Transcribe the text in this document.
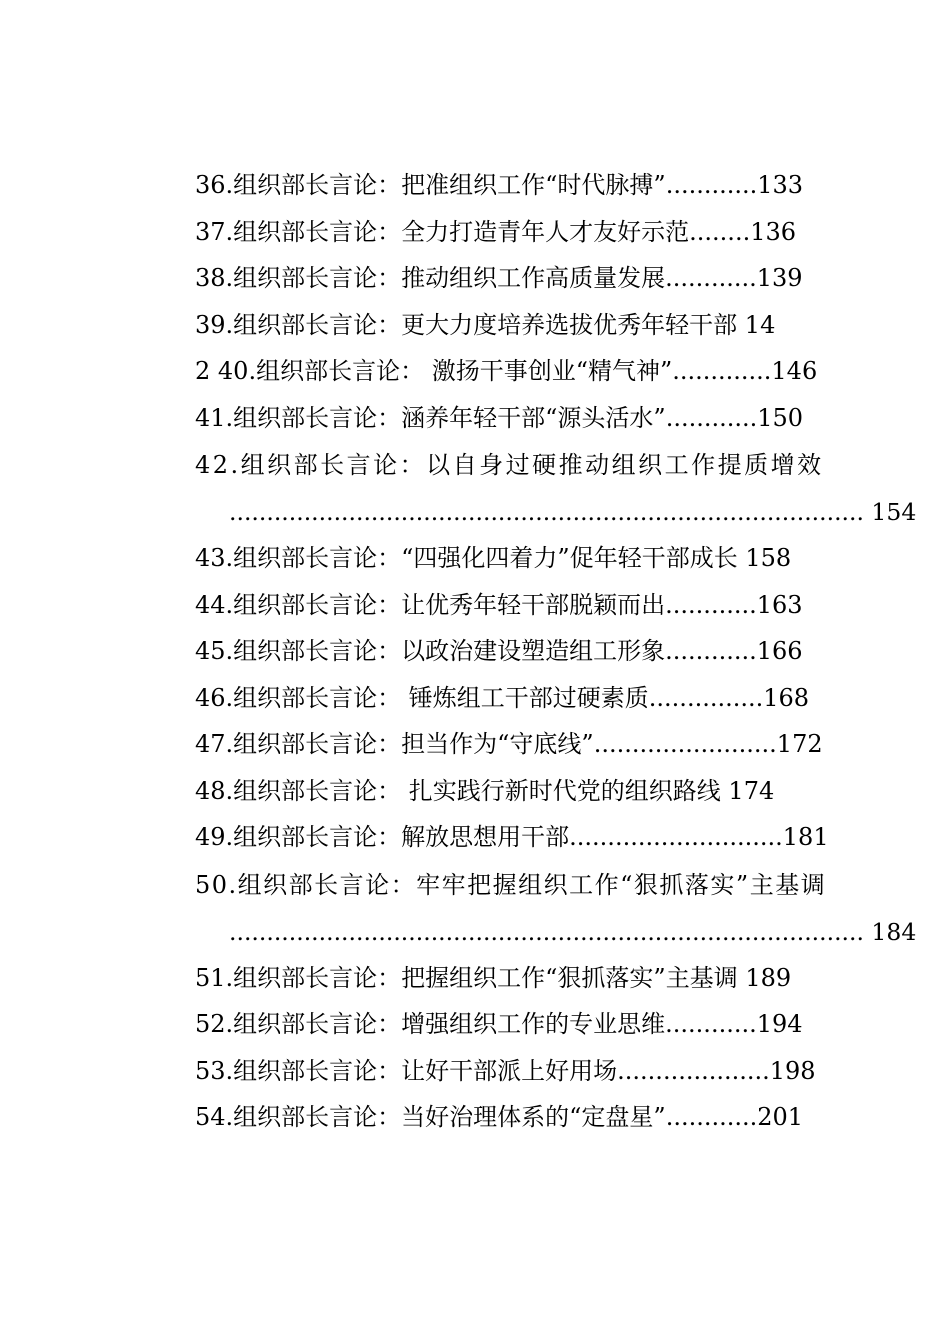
36.组织部长言论：把准组织工作“时代脉搏”............133
37.组织部长言论：全力打造青年人才友好示范........136
38.组织部长言论：推动组织工作高质量发展............139
39.组织部长言论：更大力度培养选拔优秀年轻干部 14
2 40.组织部长言论： 激扬干事创业“精气神”.............146
41.组织部长言论：涵养年轻干部“源头活水”............150
42.组织部长言论：以自身过硬推动组织工作提质增效
..................................................................................... 154
43.组织部长言论：“四强化四着力”促年轻干部成长 158
44.组织部长言论：让优秀年轻干部脱颖而出............163
45.组织部长言论：以政治建设塑造组工形象............166
46.组织部长言论： 锤炼组工干部过硬素质...............168
47.组织部长言论：担当作为“守底线”........................172
48.组织部长言论： 扎实践行新时代党的组织路线 174
49.组织部长言论：解放思想用干部............................181
50.组织部长言论：牢牢把握组织工作“狠抓落实”主基调
..................................................................................... 184
51.组织部长言论：把握组织工作“狠抓落实”主基调 189
52.组织部长言论：增强组织工作的专业思维............194
53.组织部长言论：让好干部派上好用场....................198
54.组织部长言论：当好治理体系的“定盘星”............201
